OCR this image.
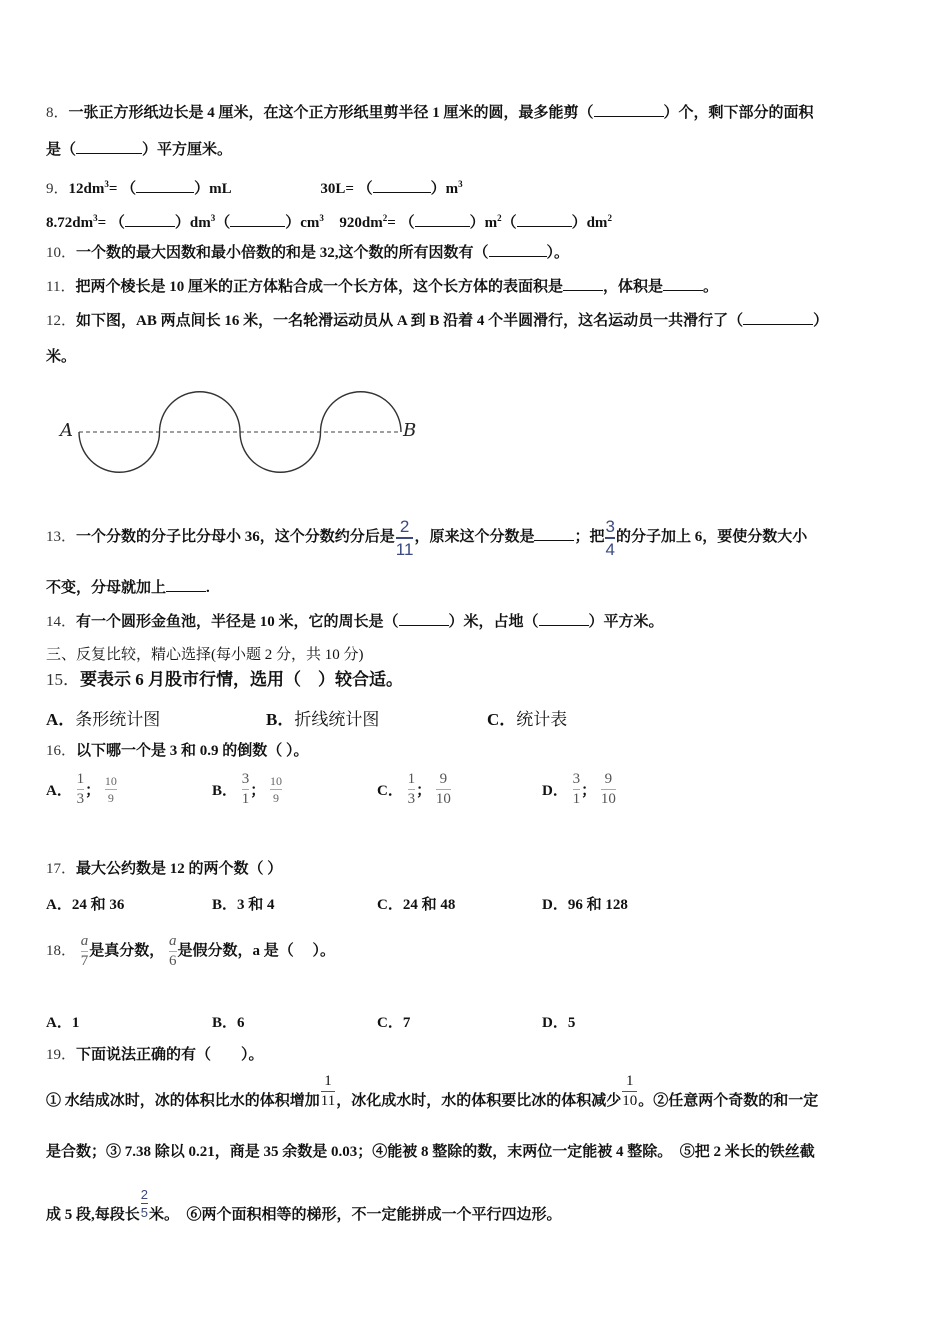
8．一张正方形纸边长是 4 厘米，在这个正方形纸里剪半径 1 厘米的圆，最多能剪（	）个，剩下部分的面积
是（	）平方厘米。
9．$12dm^3=$ （	）mL	30L= （	）$m^3$
$8.72dm^3=$ （	）$dm^3$（	）$cm^3$ $920dm^2=$ （	）$m^2$（	）$dm^2$
10．一个数的最大因数和最小倍数的和是 32,这个数的所有因数有（	）。
11．把两个棱长是 10 厘米的正方体粘合成一个长方体，这个长方体的表面积是	，体积是	。
12．如下图，AB 两点间长 16 米，一名轮滑运动员从 A 到 B 沿着 4 个半圆滑行，这名运动员一共滑行了（	）
米。
A	B
13．一个分数的分子比分母小 36，这个分数约分后是 $\frac{2}{11}$ ，原来这个分数是	；把 $\frac{3}{4}$ 的分子加上 6，要使分数大小
不变，分母就加上	.
14．有一个圆形金鱼池，半径是 10 米，它的周长是（	）米，占地（	）平方米。
三、反复比较，精心选择(每小题 2 分，共 10 分)
15．要表示 6 月股市行情，选用（　）较合适。
A．条形统计图	B．折线统计图	C．统计表
16．以下哪一个是 3 和 0.9 的倒数（ ）。
A． $\frac{1}{3}$ ； $\frac{10}{9}$	B． $\frac{3}{1}$ ； $\frac{10}{9}$	C． $\frac{1}{3}$ ； $\frac{9}{10}$	D． $\frac{3}{1}$ ； $\frac{9}{10}$
17．最大公约数是 12 的两个数（ ）
A．24 和 36	B．3 和 4	C．24 和 48	D．96 和 128
18． $\frac{a}{7}$ 是真分数， $\frac{a}{6}$ 是假分数，a 是（　 ）。
A．1	B．6	C．7	D．5
19．下面说法正确的有（　　）。
① 水结成冰时，冰的体积比水的体积增加 $\frac{1}{11}$ ，冰化成水时，水的体积要比冰的体积减少 $\frac{1}{10}$ 。②任意两个奇数的和一定
是合数；③ 7.38 除以 0.21，商是 35 余数是 0.03；④能被 8 整除的数，末两位一定能被 4 整除。　⑤把 2 米长的铁丝截
成 5 段,每段长 $\frac{2}{5}$ 米。　⑥两个面积相等的梯形，不一定能拼成一个平行四边形。
